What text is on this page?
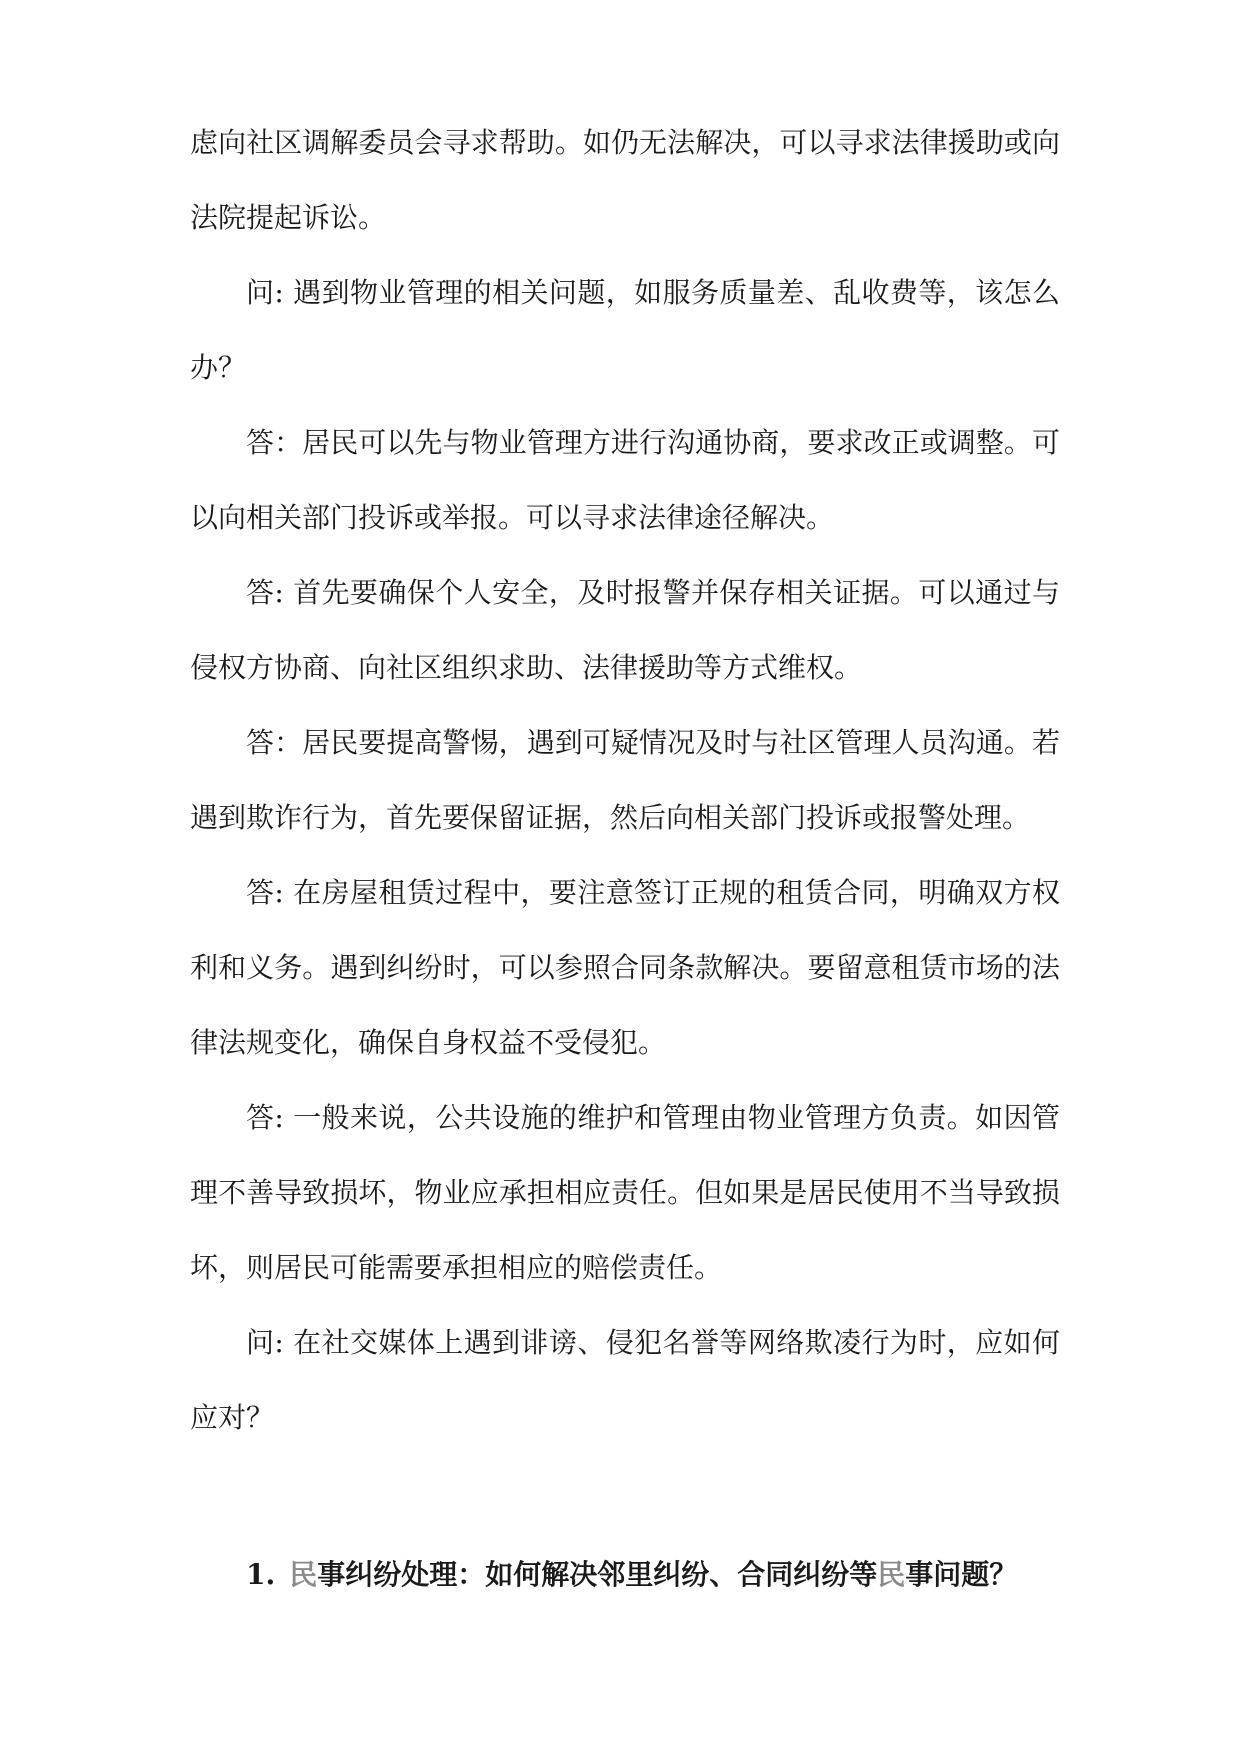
虑向社区调解委员会寻求帮助。如仍无法解决，可以寻求法律援助或向法院提起诉讼。

问: 遇到物业管理的相关问题，如服务质量差、乱收费等，该怎么办？

答：居民可以先与物业管理方进行沟通协商，要求改正或调整。可以向相关部门投诉或举报。可以寻求法律途径解决。

答: 首先要确保个人安全，及时报警并保存相关证据。可以通过与侵权方协商、向社区组织求助、法律援助等方式维权。

答：居民要提高警惕，遇到可疑情况及时与社区管理人员沟通。若遇到欺诈行为，首先要保留证据，然后向相关部门投诉或报警处理。

答: 在房屋租赁过程中，要注意签订正规的租赁合同，明确双方权利和义务。遇到纠纷时，可以参照合同条款解决。要留意租赁市场的法律法规变化，确保自身权益不受侵犯。

答: 一般来说，公共设施的维护和管理由物业管理方负责。如因管理不善导致损坏，物业应承担相应责任。但如果是居民使用不当导致损坏，则居民可能需要承担相应的赔偿责任。

问: 在社交媒体上遇到诽谤、侵犯名誉等网络欺凌行为时，应如何应对？

1. 民事纠纷处理：如何解决邻里纠纷、合同纠纷等民事问题？
